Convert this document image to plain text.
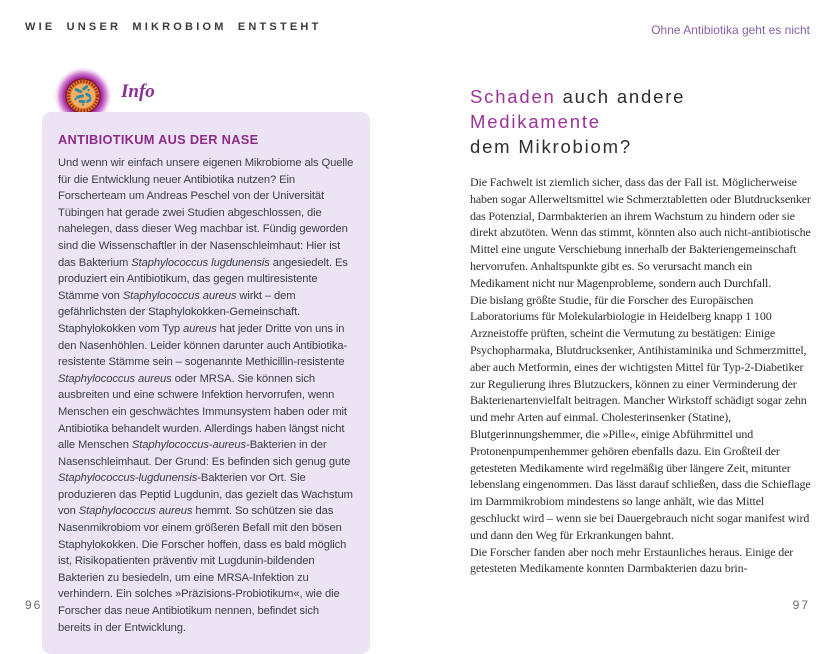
WIE UNSER MIKROBIOM ENTSTEHT	Ohne Antibiotika geht es nicht
Info
ANTIBIOTIKUM AUS DER NASE
Und wenn wir einfach unsere eigenen Mikrobiome als Quelle für die Entwicklung neuer Antibiotika nutzen? Ein Forscherteam um Andreas Peschel von der Universität Tübingen hat gerade zwei Studien abgeschlossen, die nahelegen, dass dieser Weg machbar ist. Fündig geworden sind die Wissenschaftler in der Nasenschleimhaut: Hier ist das Bakterium Staphylococcus lugdunensis angesiedelt. Es produziert ein Antibiotikum, das gegen multiresistente Stämme von Staphylococcus aureus wirkt – dem gefährlichsten der Staphylokokken-Gemeinschaft. Staphylokokken vom Typ aureus hat jeder Dritte von uns in den Nasenhöhlen. Leider können darunter auch Antibiotika-resistente Stämme sein – sogenannte Methicillin-resistente Staphylococcus aureus oder MRSA. Sie können sich ausbreiten und eine schwere Infektion hervorrufen, wenn Menschen ein geschwächtes Immunsystem haben oder mit Antibiotika behandelt wurden. Allerdings haben längst nicht alle Menschen Staphylococcus-aureus-Bakterien in der Nasenschleimhaut. Der Grund: Es befinden sich genug gute Staphylococcus-lugdunensis-Bakterien vor Ort. Sie produzieren das Peptid Lugdunin, das gezielt das Wachstum von Staphylococcus aureus hemmt. So schützen sie das Nasenmikrobiom vor einem größeren Befall mit den bösen Staphylokokken. Die Forscher hoffen, dass es bald möglich ist, Risikopatienten präventiv mit Lugdunin-bildenden Bakterien zu besiedeln, um eine MRSA-Infektion zu verhindern. Ein solches »Präzisions-Probiotikum«, wie die Forscher das neue Antibiotikum nennen, befindet sich bereits in der Entwicklung.
Schaden auch andere Medikamente
dem Mikrobiom?

Die Fachwelt ist ziemlich sicher, dass das der Fall ist. Möglicherweise haben sogar Allerweltsmittel wie Schmerztabletten oder Blutdrucksenker das Potenzial, Darmbakterien an ihrem Wachstum zu hindern oder sie direkt abzutöten. Wenn das stimmt, könnten also auch nicht-antibiotische Mittel eine ungute Verschiebung innerhalb der Bakteriengemeinschaft hervorrufen. Anhaltspunkte gibt es. So verursacht manch ein Medikament nicht nur Magenprobleme, sondern auch Durchfall.

Die bislang größte Studie, für die Forscher des Europäischen Laboratoriums für Molekularbiologie in Heidelberg knapp 1 100 Arzneistoffe prüften, scheint die Vermutung zu bestätigen: Einige Psychopharmaka, Blutdrucksenker, Antihistaminika und Schmerzmittel, aber auch Metformin, eines der wichtigsten Mittel für Typ-2-Diabetiker zur Regulierung ihres Blutzuckers, können zu einer Verminderung der Bakterienartenvielfalt beitragen. Mancher Wirkstoff schädigt sogar zehn und mehr Arten auf einmal. Cholesterinsenker (Statine), Blutgerinnungshemmer, die »Pille«, einige Abführmittel und Protonenpumpenhemmer gehören ebenfalls dazu. Ein Großteil der getesteten Medikamente wird regelmäßig über längere Zeit, mitunter lebenslang eingenommen. Das lässt darauf schließen, dass die Schieflage im Darmmikrobiom mindestens so lange anhält, wie das Mittel geschluckt wird – wenn sie bei Dauergebrauch nicht sogar manifest wird und dann den Weg für Erkrankungen bahnt.

Die Forscher fanden aber noch mehr Erstaunliches heraus. Einige der getesteten Medikamente konnten Darmbakterien dazu brin-

96	97
